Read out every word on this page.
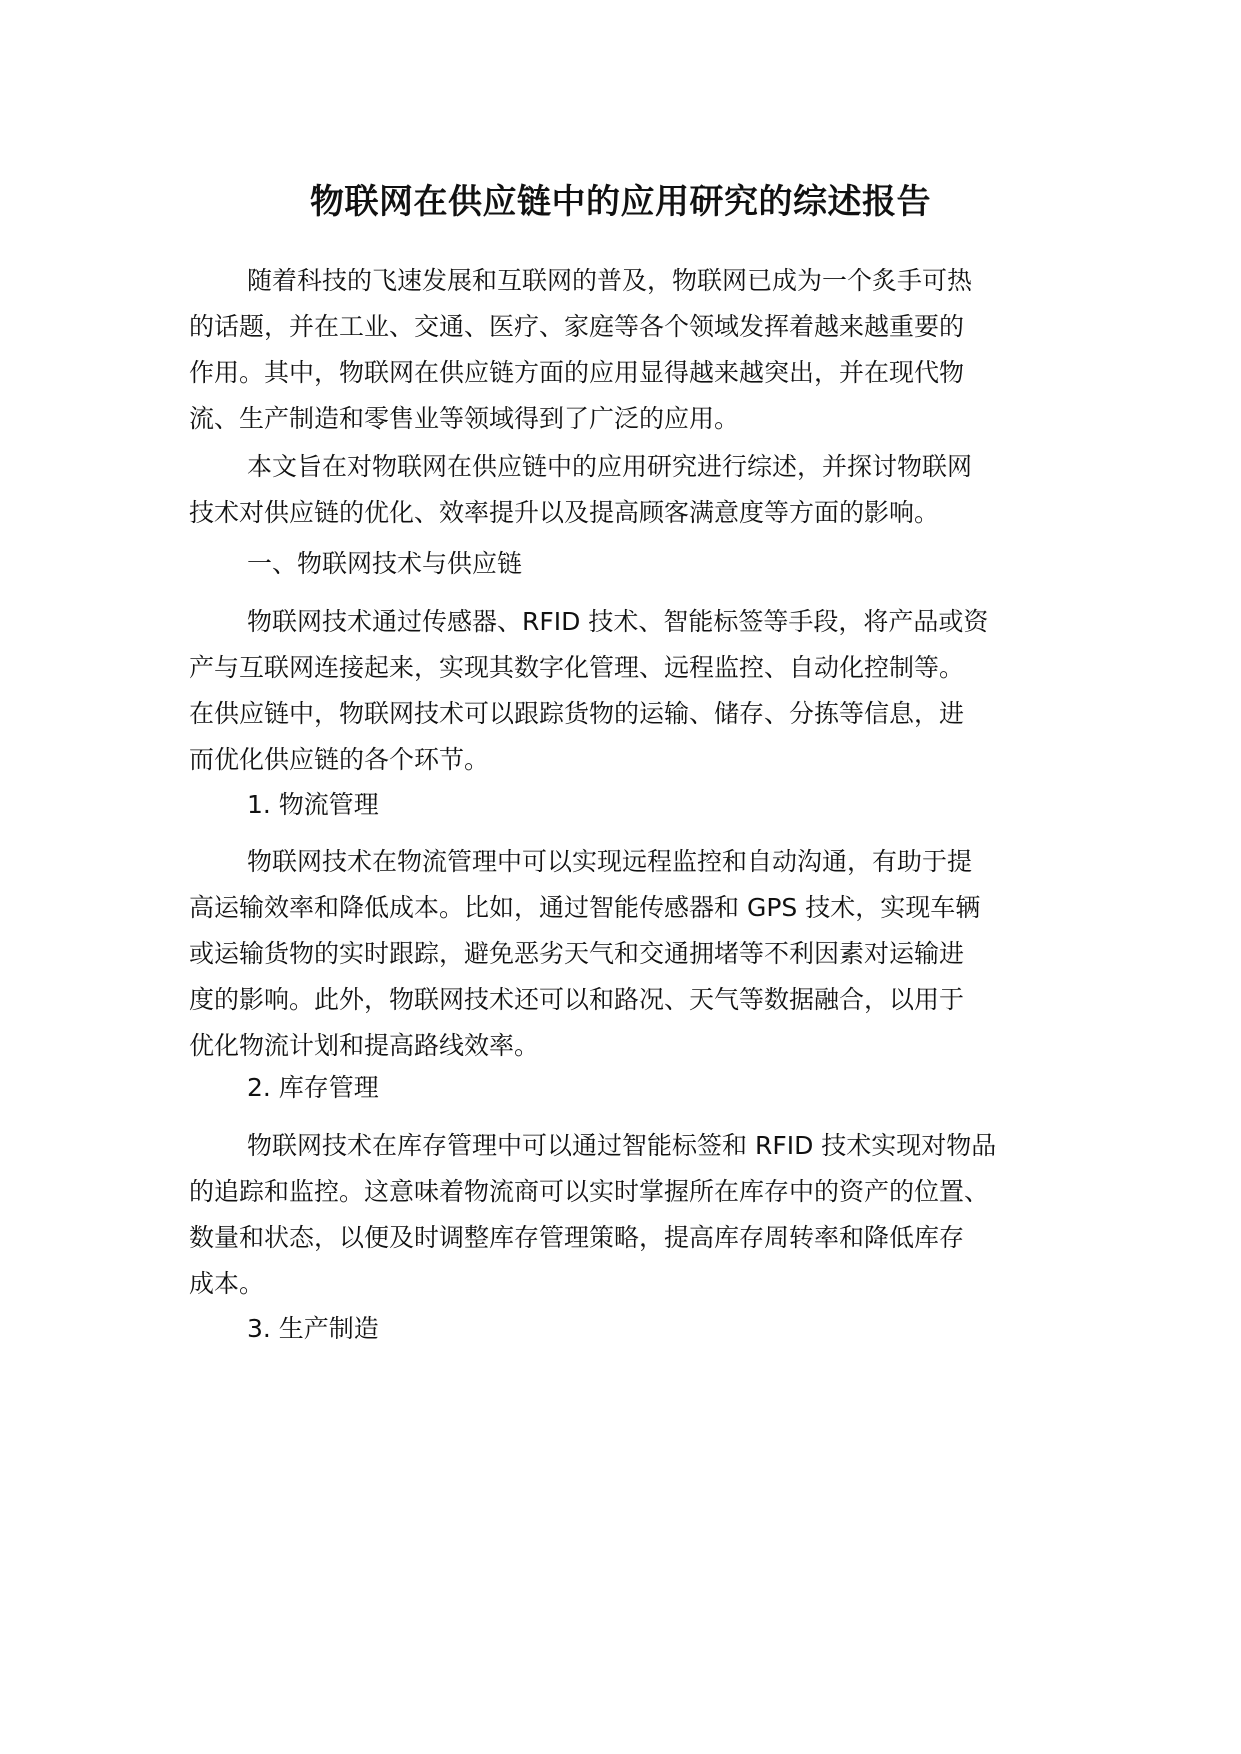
物联网在供应链中的应用研究的综述报告
随着科技的飞速发展和互联网的普及，物联网已成为一个炙手可热
的话题，并在工业、交通、医疗、家庭等各个领域发挥着越来越重要的
作用。其中，物联网在供应链方面的应用显得越来越突出，并在现代物
流、生产制造和零售业等领域得到了广泛的应用。
本文旨在对物联网在供应链中的应用研究进行综述，并探讨物联网
技术对供应链的优化、效率提升以及提高顾客满意度等方面的影响。

一、物联网技术与供应链

物联网技术通过传感器、RFID 技术、智能标签等手段，将产品或资
产与互联网连接起来，实现其数字化管理、远程监控、自动化控制等。
在供应链中，物联网技术可以跟踪货物的运输、储存、分拣等信息，进
而优化供应链的各个环节。

1. 物流管理

物联网技术在物流管理中可以实现远程监控和自动沟通，有助于提
高运输效率和降低成本。比如，通过智能传感器和 GPS 技术，实现车辆
或运输货物的实时跟踪，避免恶劣天气和交通拥堵等不利因素对运输进
度的影响。此外，物联网技术还可以和路况、天气等数据融合，以用于
优化物流计划和提高路线效率。

2. 库存管理

物联网技术在库存管理中可以通过智能标签和 RFID 技术实现对物品
的追踪和监控。这意味着物流商可以实时掌握所在库存中的资产的位置、
数量和状态，以便及时调整库存管理策略，提高库存周转率和降低库存
成本。

3. 生产制造
